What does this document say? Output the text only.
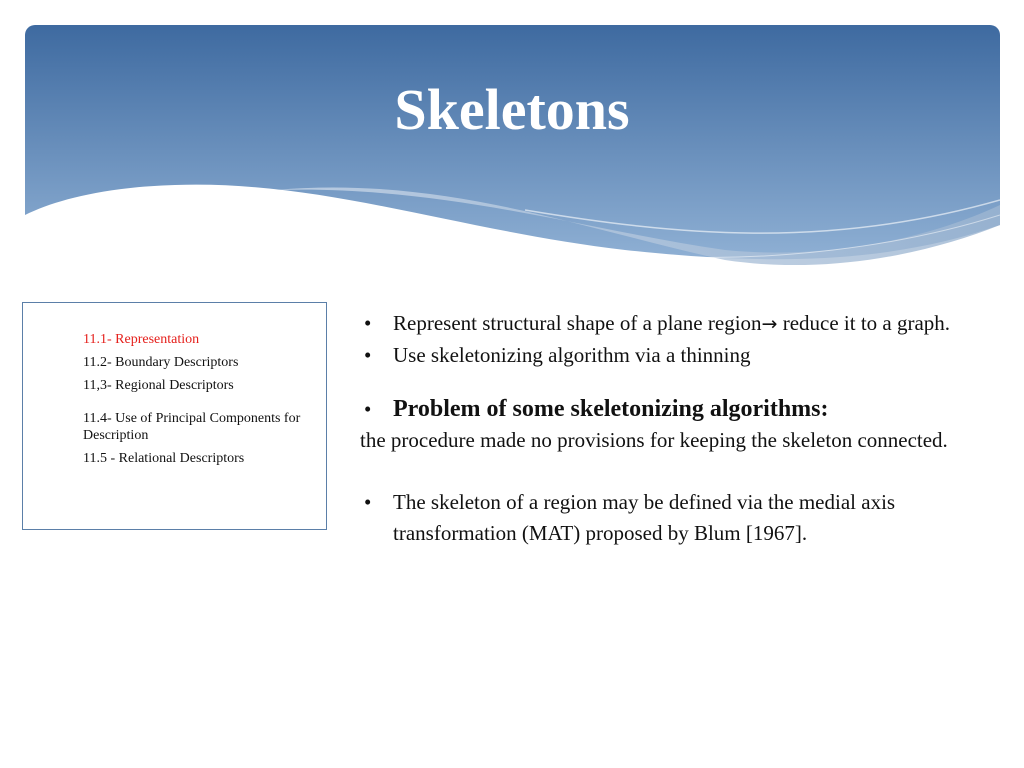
Skeletons
11.1- Representation
11.2- Boundary Descriptors
11,3- Regional Descriptors
11.4- Use of Principal Components for Description
11.5 - Relational Descriptors

• Represent structural shape of a plane region→ reduce it to a graph.

• Use skeletonizing algorithm via a thinning

• Problem of some skeletonizing algorithms:

the procedure made no provisions for keeping the skeleton connected.

• The skeleton of a region may be defined via the medial axis transformation (MAT) proposed by Blum [1967].
